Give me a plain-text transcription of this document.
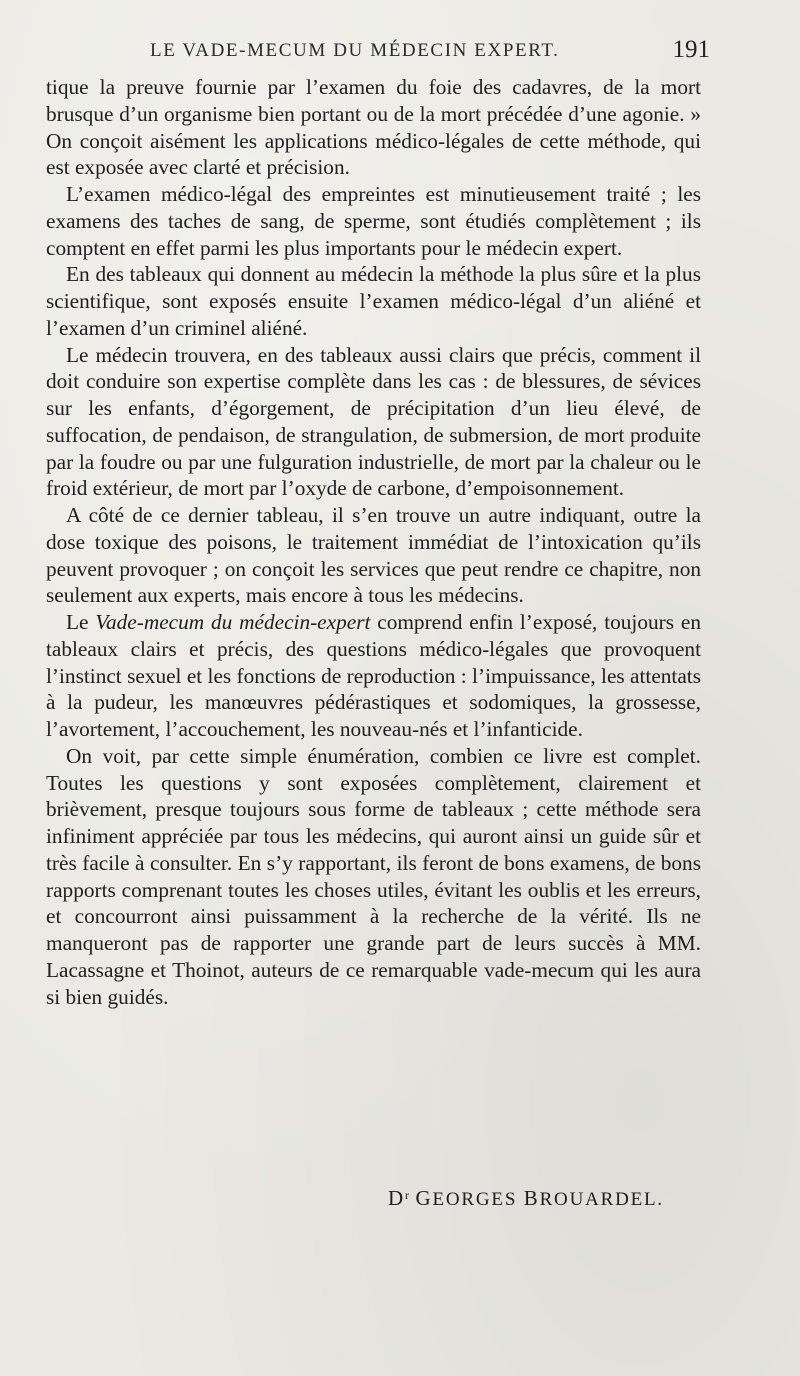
LE VADE-MECUM DU MÉDECIN EXPERT.	191

tique la preuve fournie par l’examen du foie des cadavres, de la mort brusque d’un organisme bien portant ou de la mort précédée d’une agonie. » On conçoit aisément les applications médico-légales de cette méthode, qui est exposée avec clarté et précision.

L’examen médico-légal des empreintes est minutieusement traité ; les examens des taches de sang, de sperme, sont étudiés complètement ; ils comptent en effet parmi les plus importants pour le médecin expert.

En des tableaux qui donnent au médecin la méthode la plus sûre et la plus scientifique, sont exposés ensuite l’examen médico-légal d’un aliéné et l’examen d’un criminel aliéné.

Le médecin trouvera, en des tableaux aussi clairs que précis, comment il doit conduire son expertise complète dans les cas : de blessures, de sévices sur les enfants, d’égorgement, de précipitation d’un lieu élevé, de suffocation, de pendaison, de strangulation, de submersion, de mort produite par la foudre ou par une fulguration industrielle, de mort par la chaleur ou le froid extérieur, de mort par l’oxyde de carbone, d’empoisonnement.

A côté de ce dernier tableau, il s’en trouve un autre indiquant, outre la dose toxique des poisons, le traitement immédiat de l’intoxication qu’ils peuvent provoquer ; on conçoit les services que peut rendre ce chapitre, non seulement aux experts, mais encore à tous les médecins.

Le Vade-mecum du médecin-expert comprend enfin l’exposé, toujours en tableaux clairs et précis, des questions médico-légales que provoquent l’instinct sexuel et les fonctions de reproduction : l’impuissance, les attentats à la pudeur, les manœuvres pédérastiques et sodomiques, la grossesse, l’avortement, l’accouchement, les nouveau-nés et l’infanticide.

On voit, par cette simple énumération, combien ce livre est complet. Toutes les questions y sont exposées complètement, clairement et brièvement, presque toujours sous forme de tableaux ; cette méthode sera infiniment appréciée par tous les médecins, qui auront ainsi un guide sûr et très facile à consulter. En s’y rapportant, ils feront de bons examens, de bons rapports comprenant toutes les choses utiles, évitant les oublis et les erreurs, et concourront ainsi puissamment à la recherche de la vérité. Ils ne manqueront pas de rapporter une grande part de leurs succès à MM. Lacassagne et Thoinot, auteurs de ce remarquable vade-mecum qui les aura si bien guidés.

$D^r$ GEORGES BROUARDEL.
